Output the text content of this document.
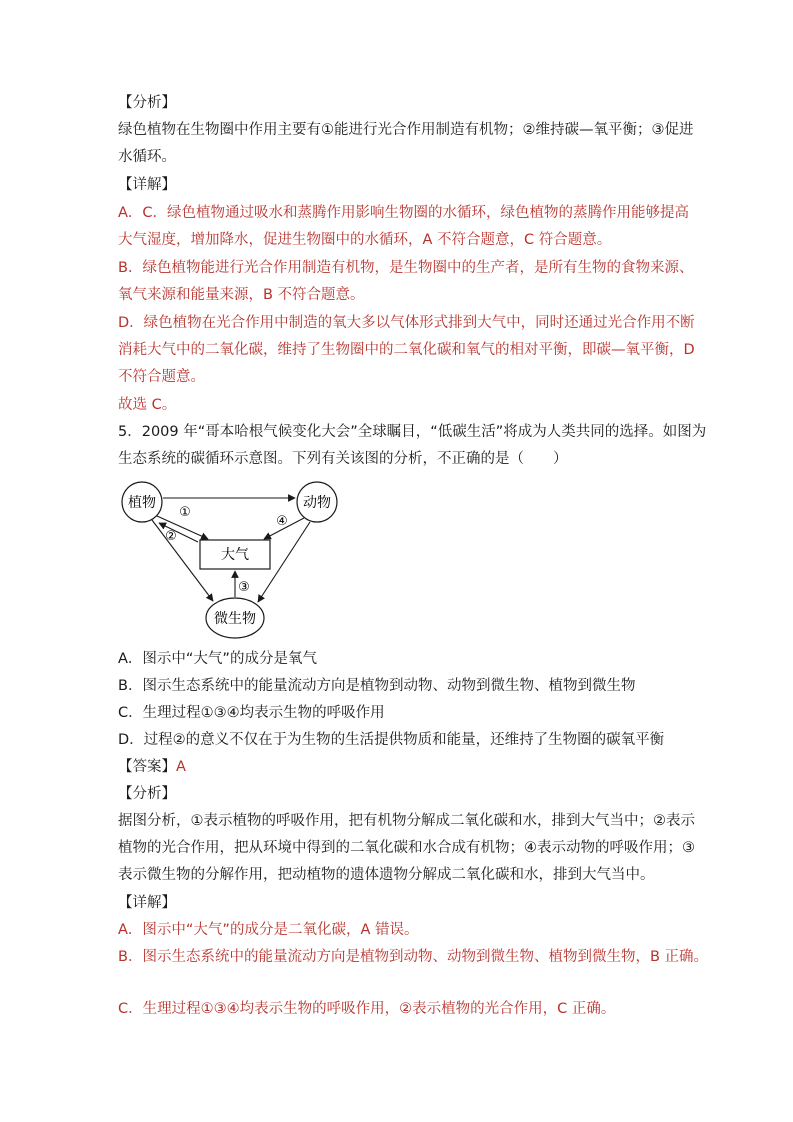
【分析】
绿色植物在生物圈中作用主要有①能进行光合作用制造有机物；②维持碳—氧平衡；③促进
水循环。
【详解】
A．C．绿色植物通过吸水和蒸腾作用影响生物圈的水循环，绿色植物的蒸腾作用能够提高
大气湿度，增加降水，促进生物圈中的水循环，A 不符合题意，C 符合题意。
B．绿色植物能进行光合作用制造有机物，是生物圈中的生产者，是所有生物的食物来源、
氧气来源和能量来源，B 不符合题意。
D．绿色植物在光合作用中制造的氧大多以气体形式排到大气中，同时还通过光合作用不断
消耗大气中的二氧化碳，维持了生物圈中的二氧化碳和氧气的相对平衡，即碳—氧平衡，D
不符合题意。
故选 C。
5．2009 年“哥本哈根气候变化大会”全球瞩目，“低碳生活”将成为人类共同的选择。如图为
生态系统的碳循环示意图。下列有关该图的分析，不正确的是（　　）
植物	动物
大气
微生物
①
②
③
④
A．图示中“大气”的成分是氧气
B．图示生态系统中的能量流动方向是植物到动物、动物到微生物、植物到微生物
C．生理过程①③④均表示生物的呼吸作用
D．过程②的意义不仅在于为生物的生活提供物质和能量，还维持了生物圈的碳氧平衡
【答案】A
【分析】
据图分析，①表示植物的呼吸作用，把有机物分解成二氧化碳和水，排到大气当中；②表示
植物的光合作用，把从环境中得到的二氧化碳和水合成有机物；④表示动物的呼吸作用；③
表示微生物的分解作用，把动植物的遗体遗物分解成二氧化碳和水，排到大气当中。
【详解】
A．图示中“大气”的成分是二氧化碳，A 错误。
B．图示生态系统中的能量流动方向是植物到动物、动物到微生物、植物到微生物，B 正确。
C．生理过程①③④均表示生物的呼吸作用，②表示植物的光合作用，C 正确。
